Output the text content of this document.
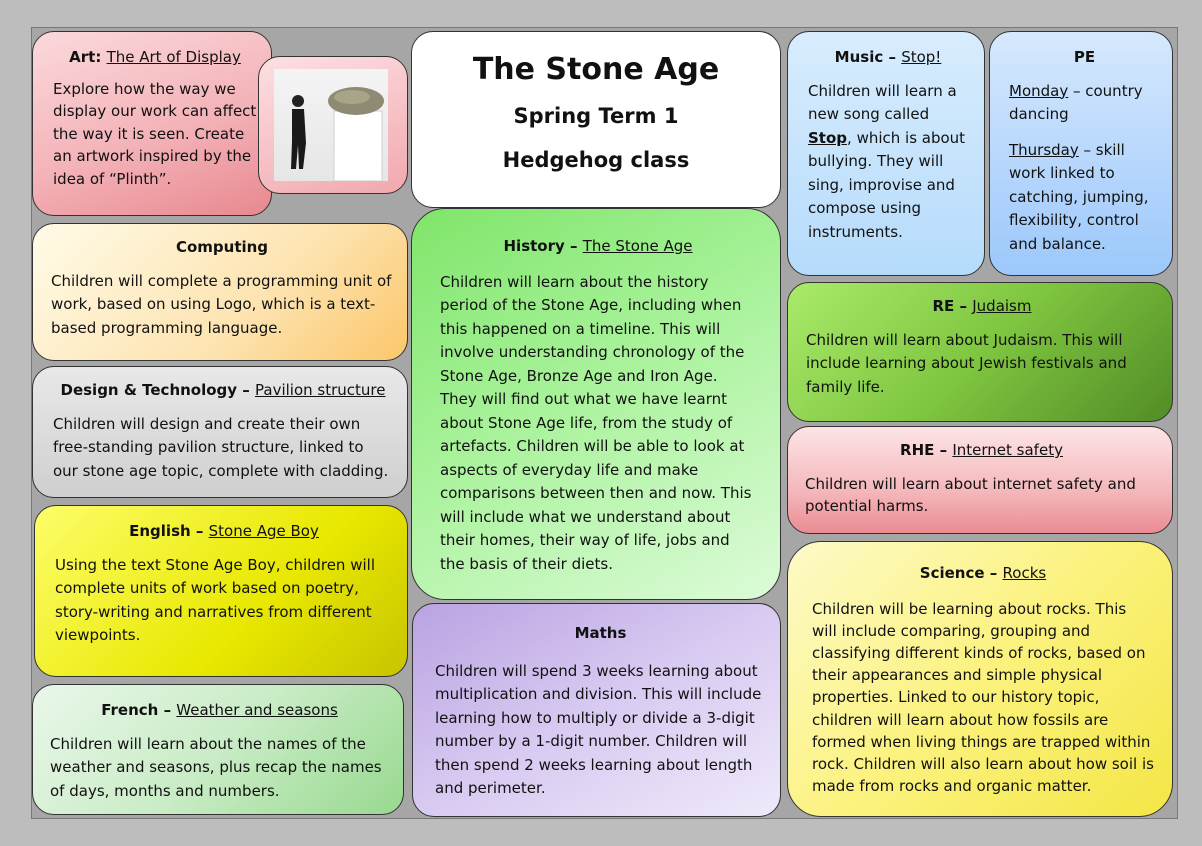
Art: The Art of Display

Explore how the way we display our work can affect the way it is seen. Create an artwork inspired by the idea of “Plinth”.

The Stone Age
Spring Term 1
Hedgehog class
Music – Stop!

Children will learn a new song called Stop, which is about bullying. They will sing, improvise and compose using instruments.

PE

Monday – country dancing

Thursday – skill work linked to catching, jumping, flexibility, control and balance.

Computing

Children will complete a programming unit of work, based on using Logo, which is a text-based programming language.

Design & Technology – Pavilion structure

Children will design and create their own free-standing pavilion structure, linked to our stone age topic, complete with cladding.

English – Stone Age Boy

Using the text Stone Age Boy, children will complete units of work based on poetry, story-writing and narratives from different viewpoints.

French – Weather and seasons

Children will learn about the names of the weather and seasons, plus recap the names of days, months and numbers.

History – The Stone Age

Children will learn about the history period of the Stone Age, including when this happened on a timeline. This will involve understanding chronology of the Stone Age, Bronze Age and Iron Age. They will find out what we have learnt about Stone Age life, from the study of artefacts. Children will be able to look at aspects of everyday life and make comparisons between then and now. This will include what we understand about their homes, their way of life, jobs and the basis of their diets.

Maths

Children will spend 3 weeks learning about multiplication and division. This will include learning how to multiply or divide a 3-digit number by a 1-digit number. Children will then spend 2 weeks learning about length and perimeter.

RE – Judaism

Children will learn about Judaism. This will include learning about Jewish festivals and family life.

RHE – Internet safety

Children will learn about internet safety and potential harms.

Science – Rocks

Children will be learning about rocks. This will include comparing, grouping and classifying different kinds of rocks, based on their appearances and simple physical properties. Linked to our history topic, children will learn about how fossils are formed when living things are trapped within rock. Children will also learn about how soil is made from rocks and organic matter.
